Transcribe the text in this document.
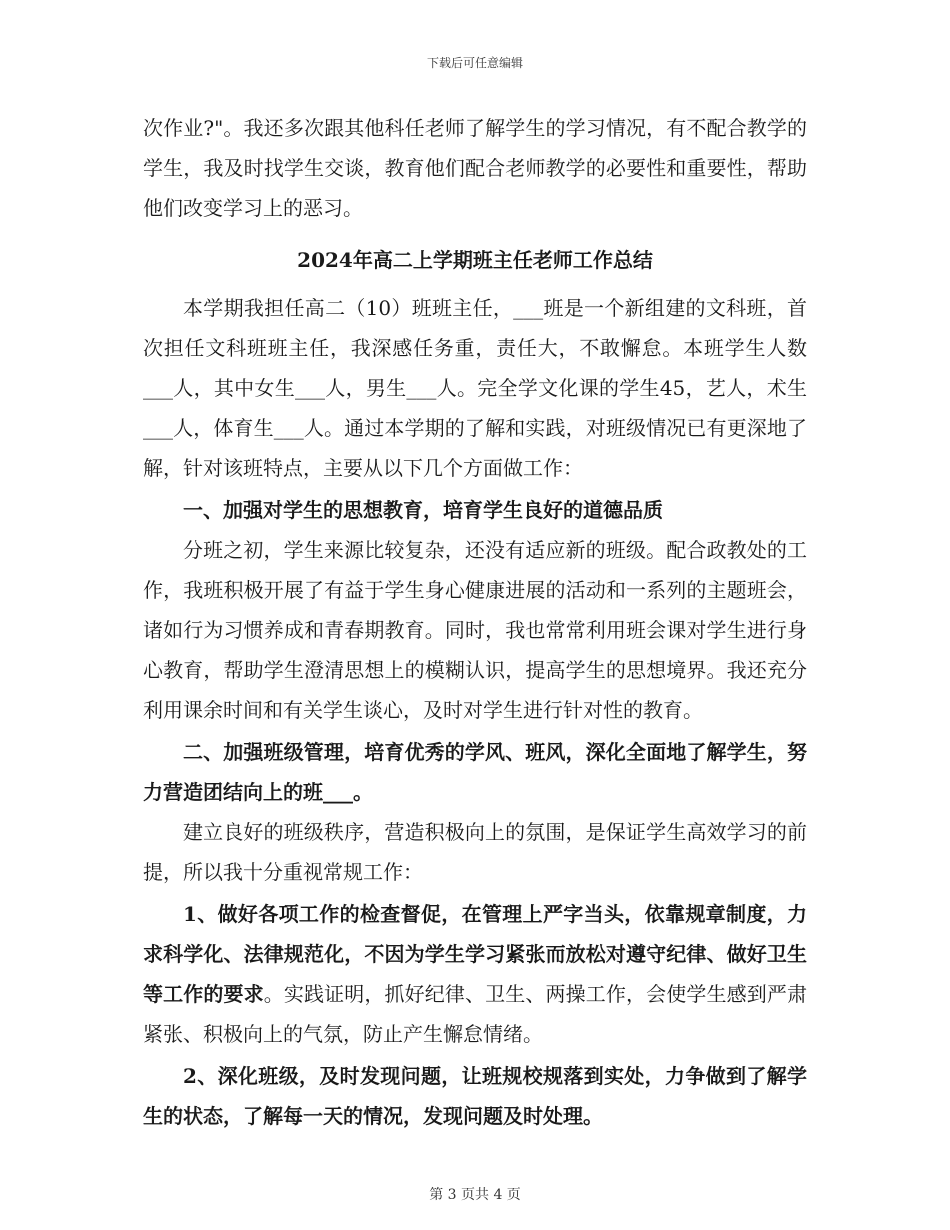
下载后可任意编辑

次作业?"。我还多次跟其他科任老师了解学生的学习情况，有不配合教学的学生，我及时找学生交谈，教育他们配合老师教学的必要性和重要性，帮助他们改变学习上的恶习。

2024年高二上学期班主任老师工作总结

本学期我担任高二（10）班班主任，___班是一个新组建的文科班，首次担任文科班班主任，我深感任务重，责任大，不敢懈怠。本班学生人数___人，其中女生___人，男生___人。完全学文化课的学生45，艺人，术生___人，体育生___人。通过本学期的了解和实践，对班级情况已有更深地了解，针对该班特点，主要从以下几个方面做工作：

一、加强对学生的思想教育，培育学生良好的道德品质

分班之初，学生来源比较复杂，还没有适应新的班级。配合政教处的工作，我班积极开展了有益于学生身心健康进展的活动和一系列的主题班会，诸如行为习惯养成和青春期教育。同时，我也常常利用班会课对学生进行身心教育，帮助学生澄清思想上的模糊认识，提高学生的思想境界。我还充分利用课余时间和有关学生谈心，及时对学生进行针对性的教育。

二、加强班级管理，培育优秀的学风、班风，深化全面地了解学生，努力营造团结向上的班___。

建立良好的班级秩序，营造积极向上的氛围，是保证学生高效学习的前提，所以我十分重视常规工作：

1、做好各项工作的检查督促，在管理上严字当头，依靠规章制度，力求科学化、法律规范化，不因为学生学习紧张而放松对遵守纪律、做好卫生等工作的要求。实践证明，抓好纪律、卫生、两操工作，会使学生感到严肃紧张、积极向上的气氛，防止产生懈怠情绪。

2、深化班级，及时发现问题，让班规校规落到实处，力争做到了解学生的状态，了解每一天的情况，发现问题及时处理。

第 3 页共 4 页
